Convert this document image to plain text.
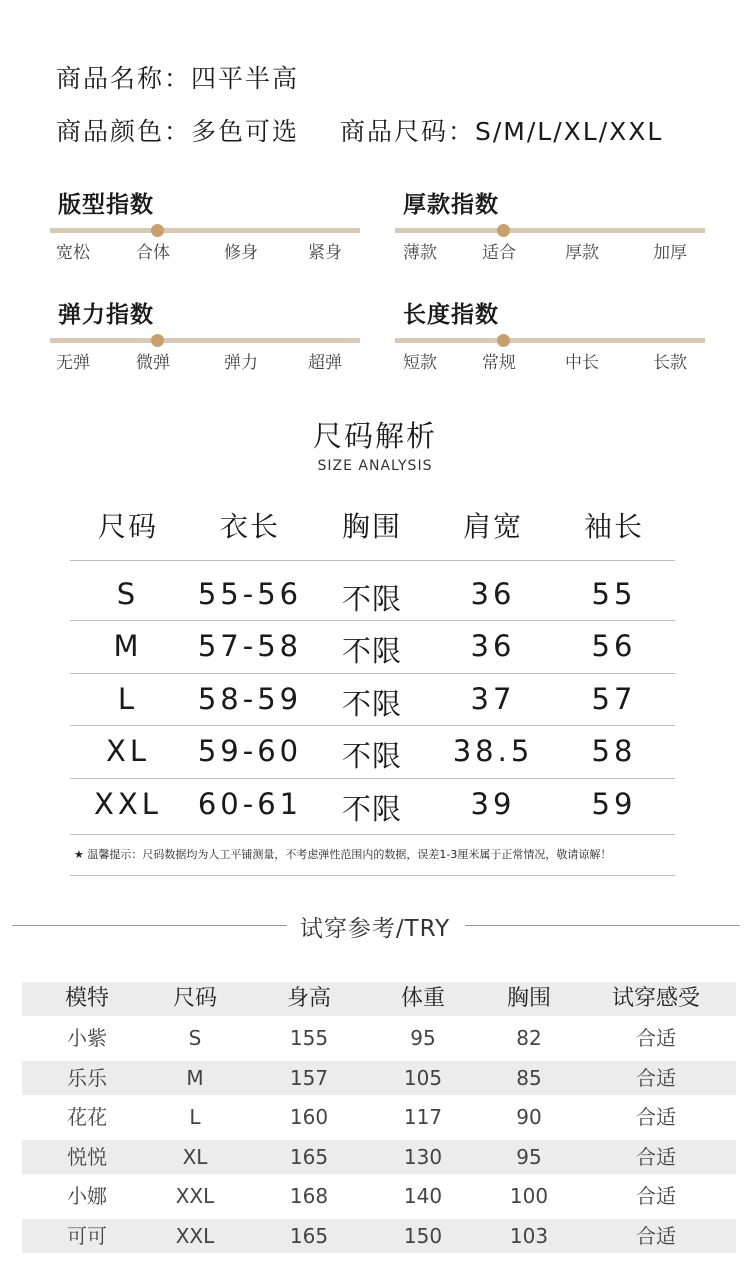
商品名称：四平半高
商品颜色：多色可选 商品尺码：S/M/L/XL/XXL
版型指数
宽松	合体	修身	紧身
厚款指数
薄款	适合	厚款	加厚
弹力指数
无弹	微弹	弹力	超弹
长度指数
短款	常规	中长	长款
尺码解析
SIZE ANALYSIS
尺码	衣长	胸围	肩宽	袖长
S	55-56	不限	36	55
M	57-58	不限	36	56
L	58-59	不限	37	57
XL	59-60	不限	38.5	58
XXL	60-61	不限	39	59
★ 温馨提示：尺码数据均为人工平铺测量，不考虑弹性范围内的数据，误差1-3厘米属于正常情况，敬请谅解！
试穿参考/TRY
模特	尺码	身高	体重	胸围	试穿感受
小紫	S	155	95	82	合适
乐乐	M	157	105	85	合适
花花	L	160	117	90	合适
悦悦	XL	165	130	95	合适
小娜	XXL	168	140	100	合适
可可	XXL	165	150	103	合适
